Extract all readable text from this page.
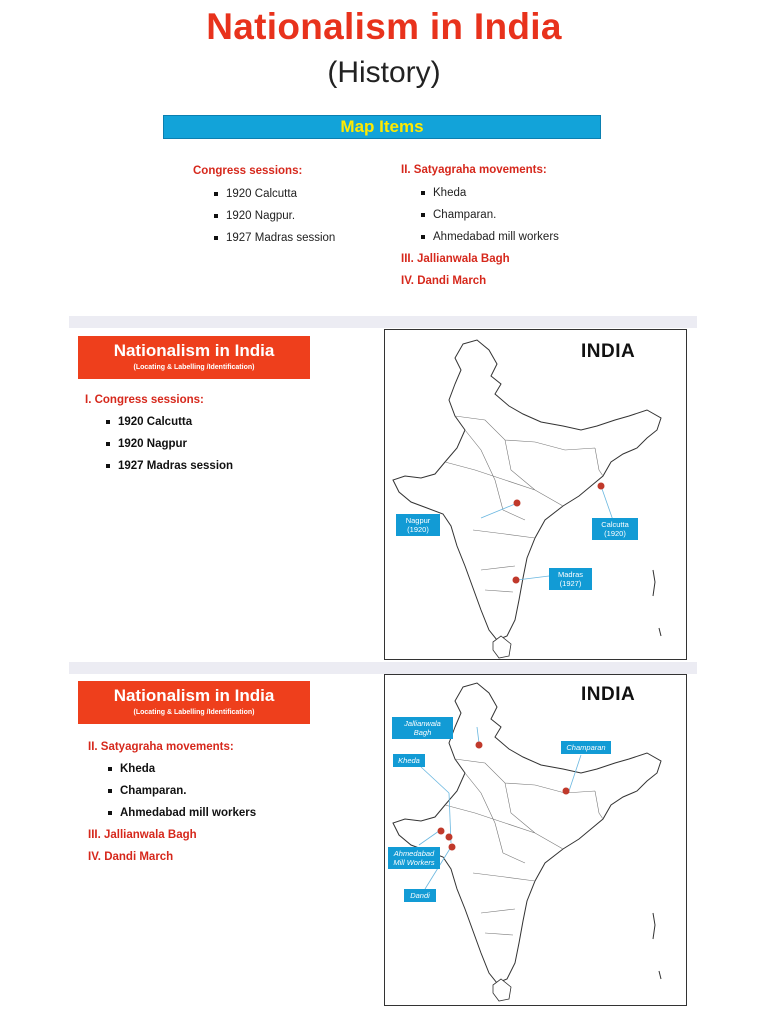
Nationalism in India
(History)
Map Items
Congress sessions:
1920 Calcutta
1920 Nagpur.
1927 Madras session
II. Satyagraha movements:
Kheda
Champaran.
Ahmedabad mill workers
III. Jallianwala Bagh
IV. Dandi March
Nationalism in India
(Locating & Labelling /Identification)
I. Congress sessions:
1920 Calcutta
1920 Nagpur
1927 Madras session
INDIA
Nagpur (1920)
Calcutta (1920)
Madras (1927)
Nationalism in India
(Locating & Labelling /Identification)
II. Satyagraha movements:
Kheda
Champaran.
Ahmedabad mill workers
III. Jallianwala Bagh
IV. Dandi March
INDIA
Jallianwala Bagh
Kheda
Champaran
Ahmedabad Mill Workers
Dandi
